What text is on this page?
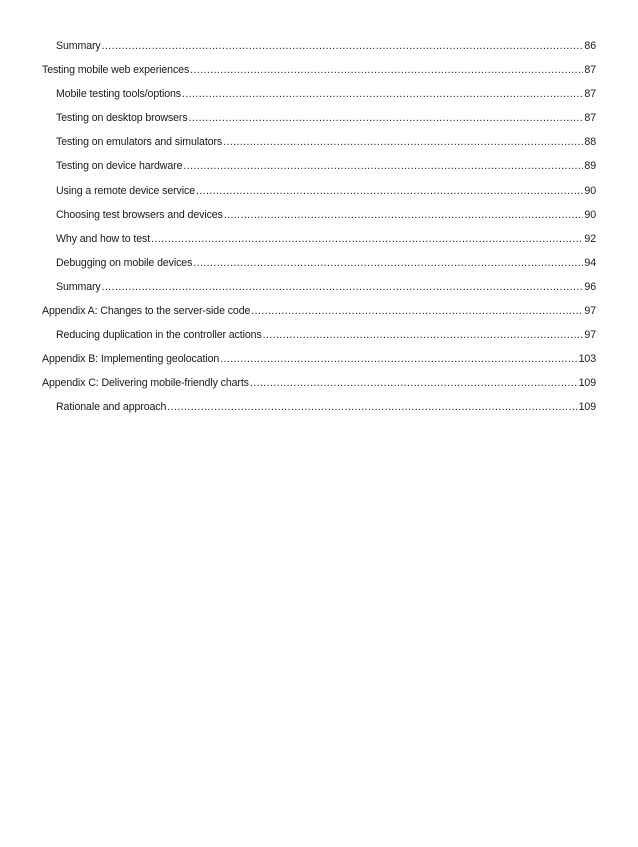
Summary .....	86
Testing mobile web experiences .....	87
Mobile testing tools/options .....	87
Testing on desktop browsers .....	87
Testing on emulators and simulators .....	88
Testing on device hardware .....	89
Using a remote device service .....	90
Choosing test browsers and devices .....	90
Why and how to test .....	92
Debugging on mobile devices .....	94
Summary .....	96
Appendix A: Changes to the server-side code .....	97
Reducing duplication in the controller actions .....	97
Appendix B: Implementing geolocation .....	103
Appendix C: Delivering mobile-friendly charts .....	109
Rationale and approach .....	109
